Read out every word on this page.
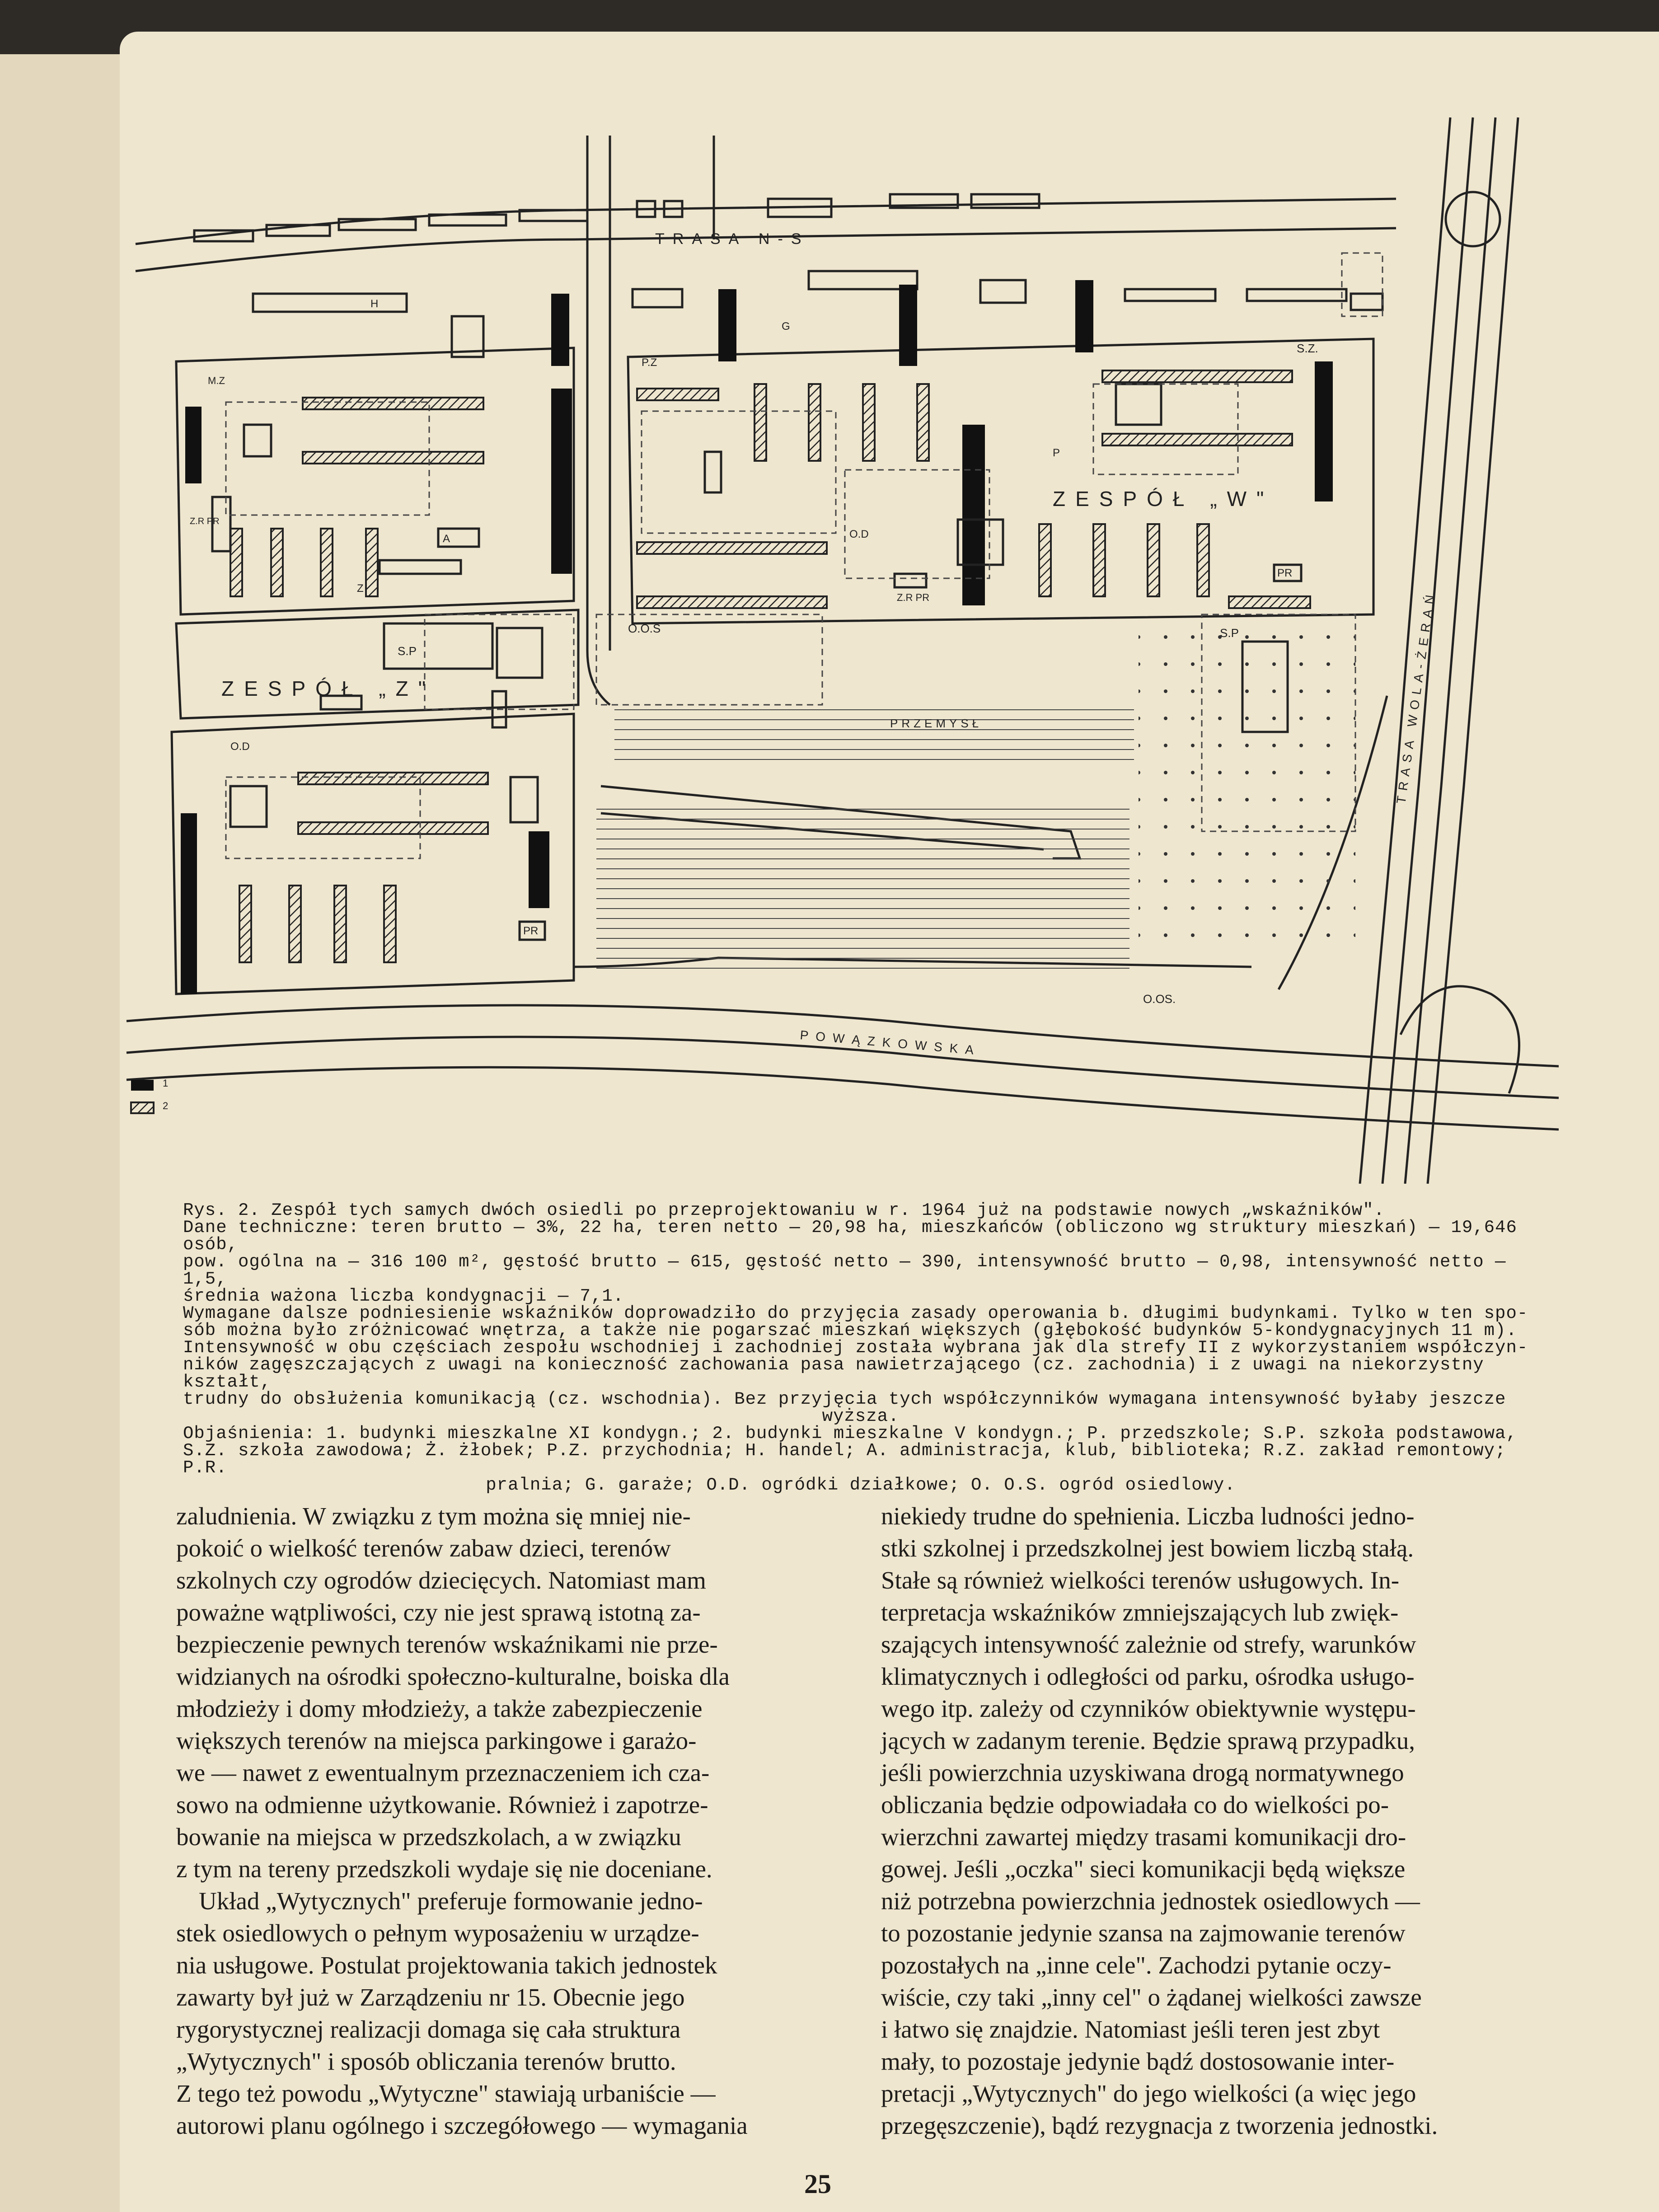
TRASA N-S
ZESPÓŁ „W"
ZESPÓŁ „Z"
PRZEMYSŁ
POWĄZKOWSKA
TRASA WOLA-ŻERAŃ
O.O.S
O.OS.
S.Z.
S.P
S.P
PR
PR
Z.R PR
Z.R PR
O.D
O.D
P.Z
M.Z
H
G
P
A
Z
1
2

Rys. 2. Zespół tych samych dwóch osiedli po przeprojektowaniu w r. 1964 już na podstawie nowych „wskaźników".

Dane techniczne: teren brutto — 3%, 22 ha, teren netto — 20,98 ha, mieszkańców (obliczono wg struktury mieszkań) — 19,646 osób,

pow. ogólna na — 316 100 m², gęstość brutto — 615, gęstość netto — 390, intensywność brutto — 0,98, intensywność netto — 1,5,

średnia ważona liczba kondygnacji — 7,1.

Wymagane dalsze podniesienie wskaźników doprowadziło do przyjęcia zasady operowania b. długimi budynkami. Tylko w ten spo-

sób można było zróżnicować wnętrza, a także nie pogarszać mieszkań większych (głębokość budynków 5-kondygnacyjnych 11 m).

Intensywność w obu częściach zespołu wschodniej i zachodniej została wybrana jak dla strefy II z wykorzystaniem współczyn-

ników zagęszczających z uwagi na konieczność zachowania pasa nawietrzającego (cz. zachodnia) i z uwagi na niekorzystny kształt,

trudny do obsłużenia komunikacją (cz. wschodnia). Bez przyjęcia tych współczynników wymagana intensywność byłaby jeszcze

wyższa.

Objaśnienia: 1. budynki mieszkalne XI kondygn.; 2. budynki mieszkalne V kondygn.; P. przedszkole; S.P. szkoła podstawowa,

S.Z. szkoła zawodowa; Ż. żłobek; P.Z. przychodnia; H. handel; A. administracja, klub, biblioteka; R.Z. zakład remontowy; P.R.

pralnia; G. garaże; O.D. ogródki działkowe; O. O.S. ogród osiedlowy.

zaludnienia. W związku z tym można się mniej nie-

pokoić o wielkość terenów zabaw dzieci, terenów

szkolnych czy ogrodów dziecięcych. Natomiast mam

poważne wątpliwości, czy nie jest sprawą istotną za-

bezpieczenie pewnych terenów wskaźnikami nie prze-

widzianych na ośrodki społeczno-kulturalne, boiska dla

młodzieży i domy młodzieży, a także zabezpieczenie

większych terenów na miejsca parkingowe i garażo-

we — nawet z ewentualnym przeznaczeniem ich cza-

sowo na odmienne użytkowanie. Również i zapotrze-

bowanie na miejsca w przedszkolach, a w związku

z tym na tereny przedszkoli wydaje się nie doceniane.

Układ „Wytycznych" preferuje formowanie jedno-

stek osiedlowych o pełnym wyposażeniu w urządze-

nia usługowe. Postulat projektowania takich jednostek

zawarty był już w Zarządzeniu nr 15. Obecnie jego

rygorystycznej realizacji domaga się cała struktura

„Wytycznych" i sposób obliczania terenów brutto.

Z tego też powodu „Wytyczne" stawiają urbaniście —

autorowi planu ogólnego i szczegółowego — wymagania

niekiedy trudne do spełnienia. Liczba ludności jedno-

stki szkolnej i przedszkolnej jest bowiem liczbą stałą.

Stałe są również wielkości terenów usługowych. In-

terpretacja wskaźników zmniejszających lub zwięk-

szających intensywność zależnie od strefy, warunków

klimatycznych i odległości od parku, ośrodka usługo-

wego itp. zależy od czynników obiektywnie występu-

jących w zadanym terenie. Będzie sprawą przypadku,

jeśli powierzchnia uzyskiwana drogą normatywnego

obliczania będzie odpowiadała co do wielkości po-

wierzchni zawartej między trasami komunikacji dro-

gowej. Jeśli „oczka" sieci komunikacji będą większe

niż potrzebna powierzchnia jednostek osiedlowych —

to pozostanie jedynie szansa na zajmowanie terenów

pozostałych na „inne cele". Zachodzi pytanie oczy-

wiście, czy taki „inny cel" o żądanej wielkości zawsze

i łatwo się znajdzie. Natomiast jeśli teren jest zbyt

mały, to pozostaje jedynie bądź dostosowanie inter-

pretacji „Wytycznych" do jego wielkości (a więc jego

przegęszczenie), bądź rezygnacja z tworzenia jednostki.

25
